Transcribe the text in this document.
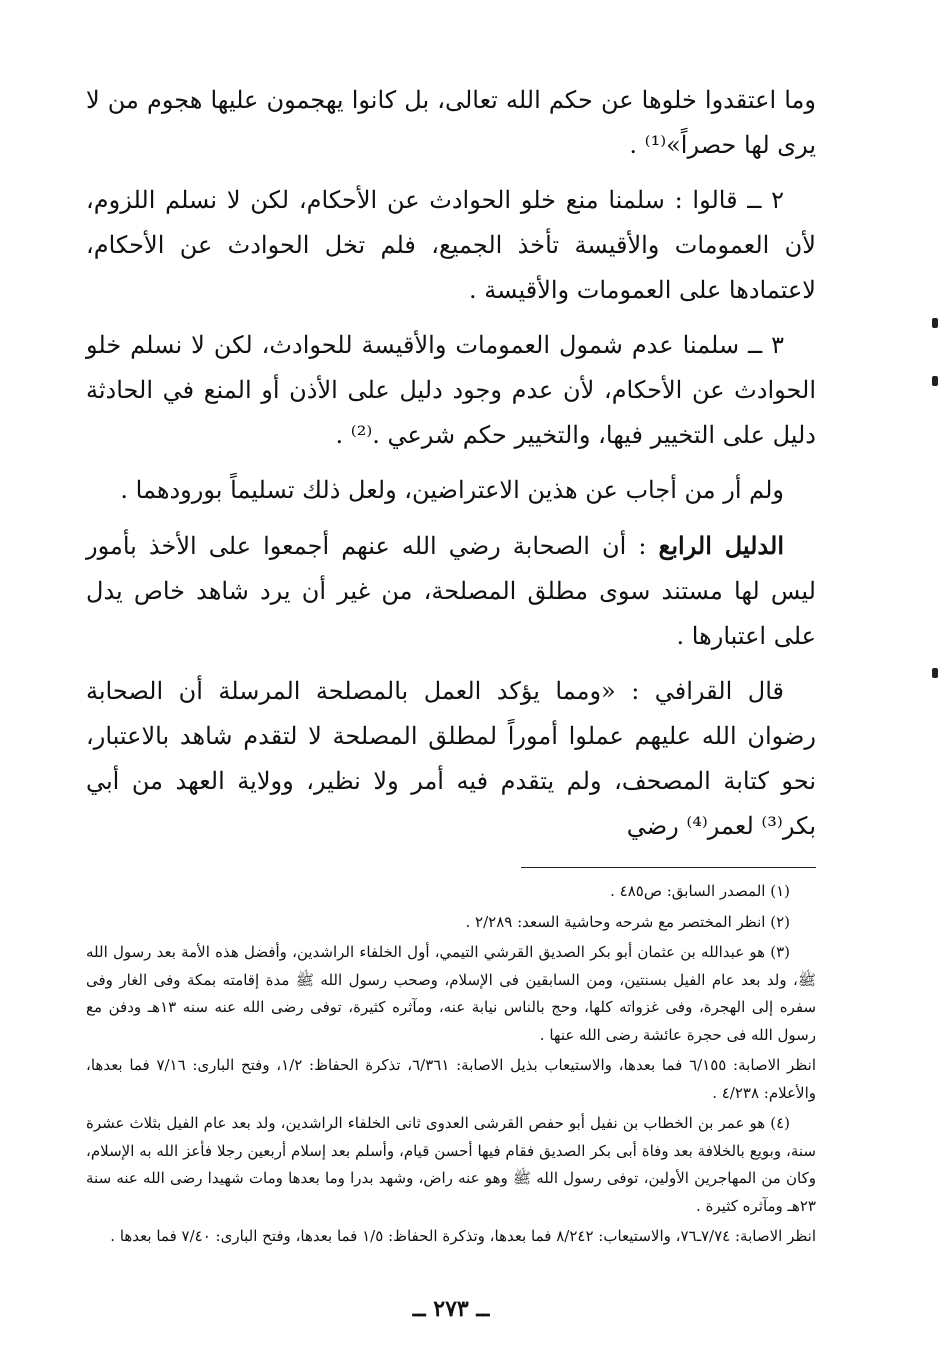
وما اعتقدوا خلوها عن حكم الله تعالى، بل كانوا يهجمون عليها هجوم من لا يرى لها حصراً»⁽¹⁾ .

٢ ــ قالوا : سلمنا منع خلو الحوادث عن الأحكام، لكن لا نسلم اللزوم، لأن العمومات والأقيسة تأخذ الجميع، فلم تخل الحوادث عن الأحكام، لاعتمادها على العمومات والأقيسة .

٣ ــ سلمنا عدم شمول العمومات والأقيسة للحوادث، لكن لا نسلم خلو الحوادث عن الأحكام، لأن عدم وجود دليل على الأذن أو المنع في الحادثة دليل على التخيير فيها، والتخيير حكم شرعي .⁽²⁾ .

ولم أر من أجاب عن هذين الاعتراضين، ولعل ذلك تسليماً بورودهما .

الدليل الرابع : أن الصحابة رضي الله عنهم أجمعوا على الأخذ بأمور ليس لها مستند سوى مطلق المصلحة، من غير أن يرد شاهد خاص يدل على اعتبارها .

قال القرافي : «ومما يؤكد العمل بالمصلحة المرسلة أن الصحابة رضوان الله عليهم عملوا أموراً لمطلق المصلحة لا لتقدم شاهد بالاعتبار، نحو كتابة المصحف، ولم يتقدم فيه أمر ولا نظير، وولاية العهد من أبي بكر⁽³⁾ لعمر⁽⁴⁾ رضي

(١) المصدر السابق: ص٤٨٥ .

(٢) انظر المختصر مع شرحه وحاشية السعد: ٢/٢٨٩ .

(٣) هو عبدالله بن عثمان أبو بكر الصديق القرشي التيمي، أول الخلفاء الراشدين، وأفضل هذه الأمة بعد رسول الله ﷺ، ولد بعد عام الفيل بسنتين، ومن السابقين فى الإسلام، وصحب رسول الله ﷺ مدة إقامته بمكة وفى الغار وفى سفره إلى الهجرة، وفى غزواته كلها، وحج بالناس نيابة عنه، ومآثره كثيرة، توفى رضى الله عنه سنه ١٣هـ ودفن مع رسول الله فى حجرة عائشة رضى الله عنها .

انظر الاصابة: ٦/١٥٥ فما بعدها، والاستيعاب بذيل الاصابة: ٦/٣٦١، تذكرة الحفاظ: ١/٢، وفتح البارى: ٧/١٦ فما بعدها، والأعلام: ٤/٢٣٨ .

(٤) هو عمر بن الخطاب بن نفيل أبو حفص القرشى العدوى ثانى الخلفاء الراشدين، ولد بعد عام الفيل بثلاث عشرة سنة، وبويع بالخلافة بعد وفاة أبى بكر الصديق فقام فيها أحسن قيام، وأسلم بعد إسلام أربعين رجلا فأعز الله به الإسلام، وكان من المهاجرين الأولين، توفى رسول الله ﷺ وهو عنه راض، وشهد بدرا وما بعدها ومات شهيدا رضى الله عنه سنة ٢٣هـ ومآثره كثيرة .

انظر الاصابة: ٧/٧٤ـ٧٦، والاستيعاب: ٨/٢٤٢ فما بعدها، وتذكرة الحفاظ: ١/٥ فما بعدها، وفتح البارى: ٧/٤٠ فما بعدها .

ــ ٢٧٣ ــ
